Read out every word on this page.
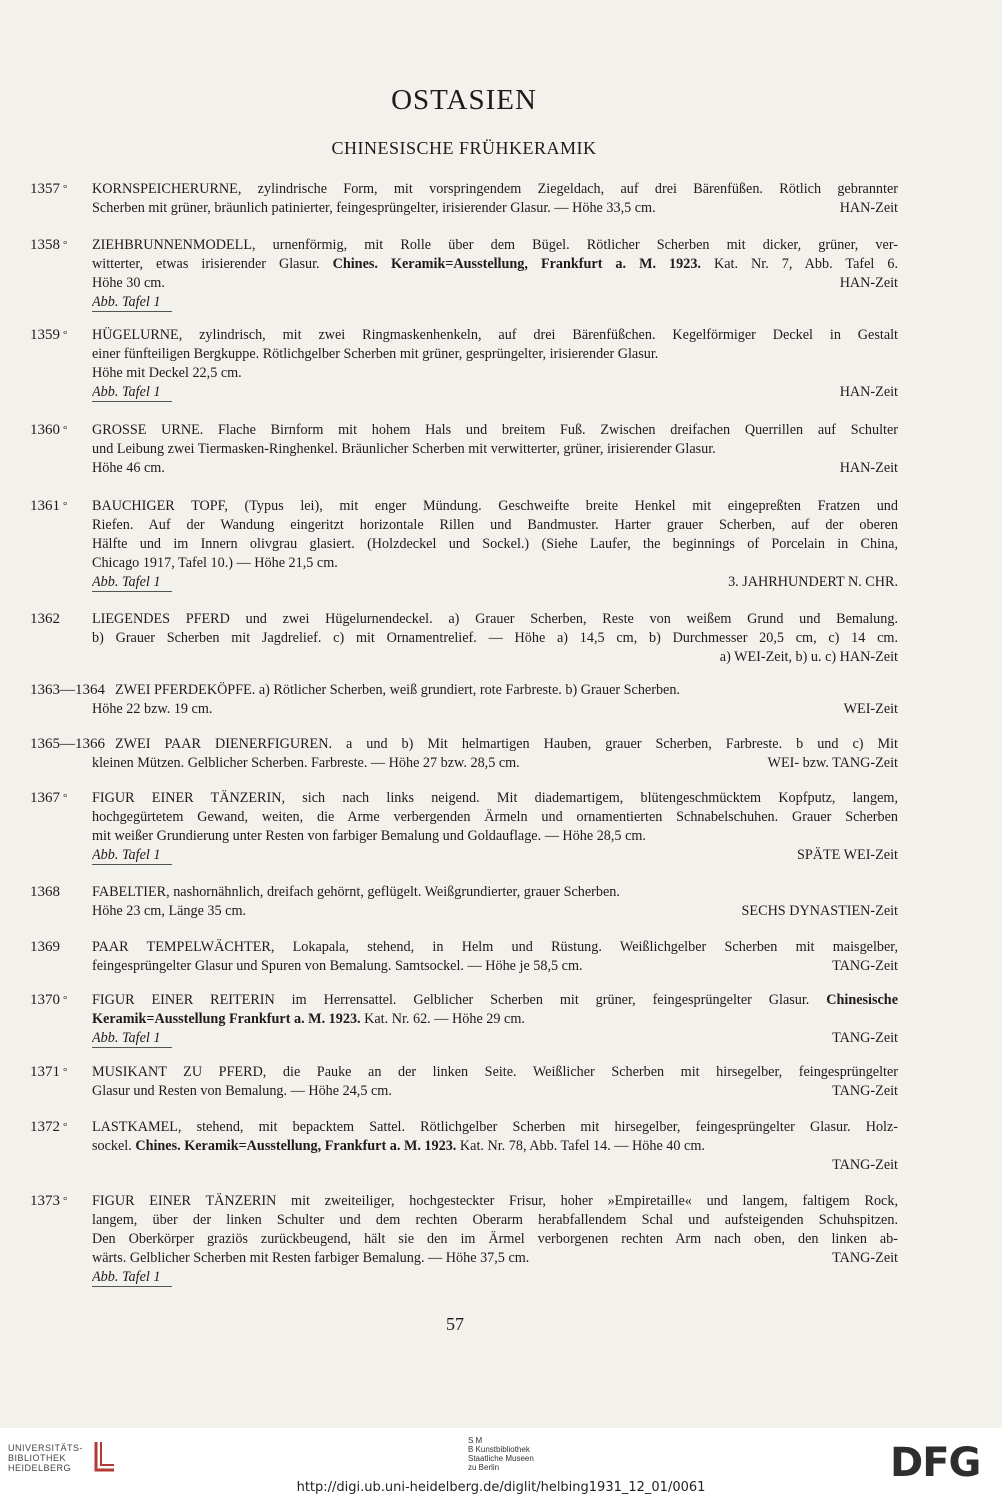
OSTASIEN
CHINESISCHE FRÜHKERAMIK
1357 ° KORNSPEICHERURNE, zylindrische Form, mit vorspringendem Ziegeldach, auf drei Bärenfüßen. Rötlich gebrannter
Scherben mit grüner, bräunlich patinierter, feingesprüngelter, irisierender Glasur. — Höhe 33,5 cm.	HAN-Zeit
1358 ° ZIEHBRUNNENMODELL, urnenförmig, mit Rolle über dem Bügel. Rötlicher Scherben mit dicker, grüner, ver-
witterter, etwas irisierender Glasur. Chines. Keramik=Ausstellung, Frankfurt a. M. 1923. Kat. Nr. 7, Abb. Tafel 6.
Höhe 30 cm.	HAN-Zeit
Abb. Tafel 1
1359 ° HÜGELURNE, zylindrisch, mit zwei Ringmaskenhenkeln, auf drei Bärenfüßchen. Kegelförmiger Deckel in Gestalt
einer fünfteiligen Bergkuppe. Rötlichgelber Scherben mit grüner, gesprüngelter, irisierender Glasur.
Höhe mit Deckel 22,5 cm.
Abb. Tafel 1	HAN-Zeit
1360 ° GROSSE URNE. Flache Birnform mit hohem Hals und breitem Fuß. Zwischen dreifachen Querrillen auf Schulter
und Leibung zwei Tiermasken-Ringhenkel. Bräunlicher Scherben mit verwitterter, grüner, irisierender Glasur.
Höhe 46 cm.	HAN-Zeit
1361 ° BAUCHIGER TOPF, (Typus lei), mit enger Mündung. Geschweifte breite Henkel mit eingepreßten Fratzen und
Riefen. Auf der Wandung eingeritzt horizontale Rillen und Bandmuster. Harter grauer Scherben, auf der oberen
Hälfte und im Innern olivgrau glasiert. (Holzdeckel und Sockel.) (Siehe Laufer, the beginnings of Porcelain in China,
Chicago 1917, Tafel 10.) — Höhe 21,5 cm.
Abb. Tafel 1	3. JAHRHUNDERT N. CHR.
1362 LIEGENDES PFERD und zwei Hügelurnendeckel. a) Grauer Scherben, Reste von weißem Grund und Bemalung.
b) Grauer Scherben mit Jagdrelief. c) mit Ornamentrelief. — Höhe a) 14,5 cm, b) Durchmesser 20,5 cm, c) 14 cm.
a) WEI-Zeit, b) u. c) HAN-Zeit
1363—1364 ZWEI PFERDEKÖPFE. a) Rötlicher Scherben, weiß grundiert, rote Farbreste. b) Grauer Scherben.
Höhe 22 bzw. 19 cm.	WEI-Zeit
1365—1366 ZWEI PAAR DIENERFIGUREN. a und b) Mit helmartigen Hauben, grauer Scherben, Farbreste. b und c) Mit
kleinen Mützen. Gelblicher Scherben. Farbreste. — Höhe 27 bzw. 28,5 cm.	WEI- bzw. TANG-Zeit
1367 ° FIGUR EINER TÄNZERIN, sich nach links neigend. Mit diademartigem, blütengeschmücktem Kopfputz, langem,
hochgegürtetem Gewand, weiten, die Arme verbergenden Ärmeln und ornamentierten Schnabelschuhen. Grauer Scherben
mit weißer Grundierung unter Resten von farbiger Bemalung und Goldauflage. — Höhe 28,5 cm.
Abb. Tafel 1	SPÄTE WEI-Zeit
1368 FABELTIER, nashornähnlich, dreifach gehörnt, geflügelt. Weißgrundierter, grauer Scherben.
Höhe 23 cm, Länge 35 cm.	SECHS DYNASTIEN-Zeit
1369 PAAR TEMPELWÄCHTER, Lokapala, stehend, in Helm und Rüstung. Weißlichgelber Scherben mit maisgelber,
feingesprüngelter Glasur und Spuren von Bemalung. Samtsockel. — Höhe je 58,5 cm.	TANG-Zeit
1370 ° FIGUR EINER REITERIN im Herrensattel. Gelblicher Scherben mit grüner, feingesprüngelter Glasur. Chinesische
Keramik=Ausstellung Frankfurt a. M. 1923. Kat. Nr. 62. — Höhe 29 cm.
Abb. Tafel 1	TANG-Zeit
1371 ° MUSIKANT ZU PFERD, die Pauke an der linken Seite. Weißlicher Scherben mit hirsegelber, feingesprüngelter
Glasur und Resten von Bemalung. — Höhe 24,5 cm.	TANG-Zeit
1372 ° LASTKAMEL, stehend, mit bepacktem Sattel. Rötlichgelber Scherben mit hirsegelber, feingesprüngelter Glasur. Holz-
sockel. Chines. Keramik=Ausstellung, Frankfurt a. M. 1923. Kat. Nr. 78, Abb. Tafel 14. — Höhe 40 cm.
TANG-Zeit
1373 ° FIGUR EINER TÄNZERIN mit zweiteiliger, hochgesteckter Frisur, hoher »Empiretaille« und langem, faltigem Rock,
langem, über der linken Schulter und dem rechten Oberarm herabfallendem Schal und aufsteigenden Schuhspitzen.
Den Oberkörper graziös zurückbeugend, hält sie den im Ärmel verborgenen rechten Arm nach oben, den linken ab-
wärts. Gelblicher Scherben mit Resten farbiger Bemalung. — Höhe 37,5 cm.	TANG-Zeit
Abb. Tafel 1
57
UNIVERSITÄTS-
BIBLIOTHEK
HEIDELBERG
S M
B Kunstbibliothek
Staatliche Museen
zu Berlin	DFG
http://digi.ub.uni-heidelberg.de/diglit/helbing1931_12_01/0061
